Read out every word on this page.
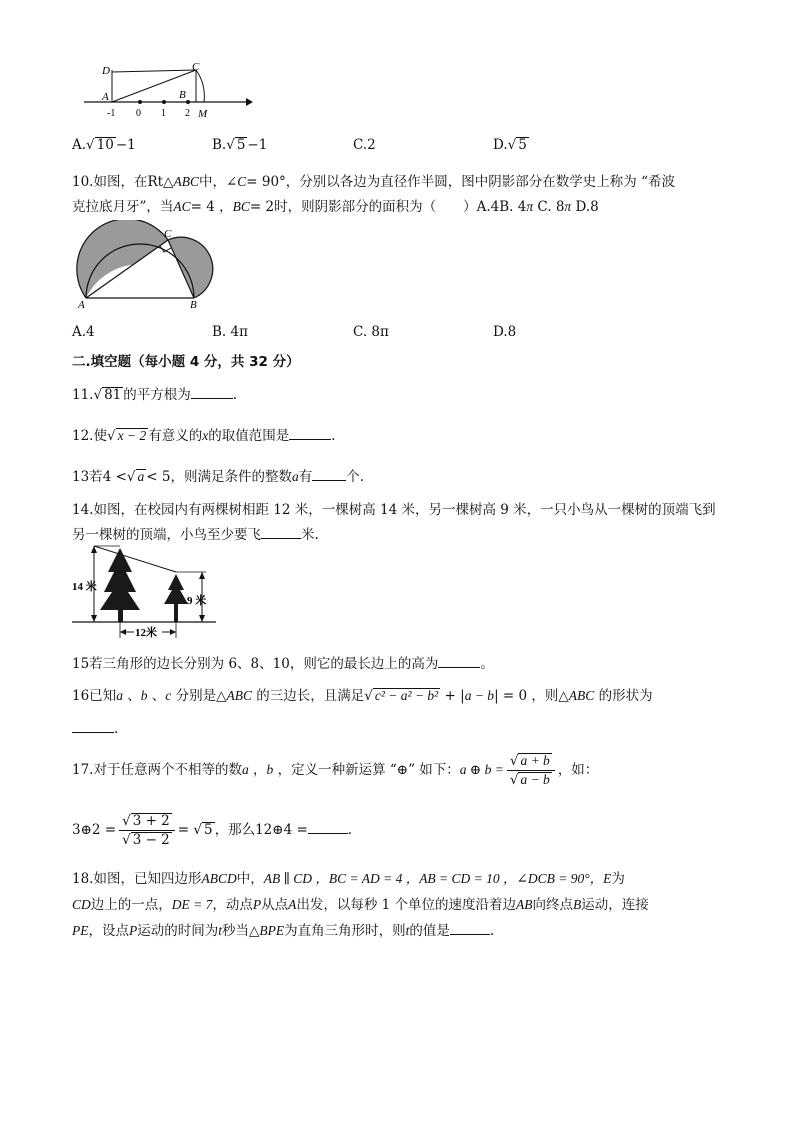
D	C
A	B
M
-1 0 1 2
A.√ 10 −1	B.√ 5 −1	C.2	D.√ 5
10.如图，在Rt△ABC中，∠C= 90°，分别以各边为直径作半圆，图中阴影部分在数学史上称为 “希波
克拉底月牙”，当AC= 4 ，BC= 2时，则阴影部分的面积为（　　）A.4B. 4π C. 8π D.8
A	B
C
A.4	B. 4π	C. 8π	D.8
二.填空题（每小题 4 分，共 32 分）
11.√ 81 的平方根为	.
12.使√ x − 2 有意义的x的取值范围是	.
13若4 <√ a < 5，则满足条件的整数a有	个.
14.如图，在校园内有两棵树相距 12 米，一棵树高 14 米，另一棵树高 9 米，一只小鸟从一棵树的顶端飞到
另一棵树的顶端，小鸟至少要飞	米.
14 米
9 米
12米
15若三角形的边长分别为 6、8、10，则它的最长边上的高为	。
16已知a 、b 、c 分别是△ABC 的三边长，且满足√ c² − a² − b² + |a − b| = 0 ，则△ABC 的形状为
.
17.对于任意两个不相等的数a ，b ，定义一种新运算 “⊕” 如下：a ⊕ $b = \frac{√ a + b}{√ a - b}$ ，如：
3⊕2 = $\frac{√ 3 + 2}{√ 3 - 2}$ = √ 5 ，那么12⊕4 =	.
18.如图，已知四边形ABCD中，AB ∥ CD ，BC = AD = 4 ，AB = CD = 10 ，∠DCB = 90°，E为
CD边上的一点，DE = 7，动点P从点A出发，以每秒 1 个单位的速度沿着边AB向终点B运动，连接
PE，设点P运动的时间为t秒当△BPE为直角三角形时，则t的值是	.
